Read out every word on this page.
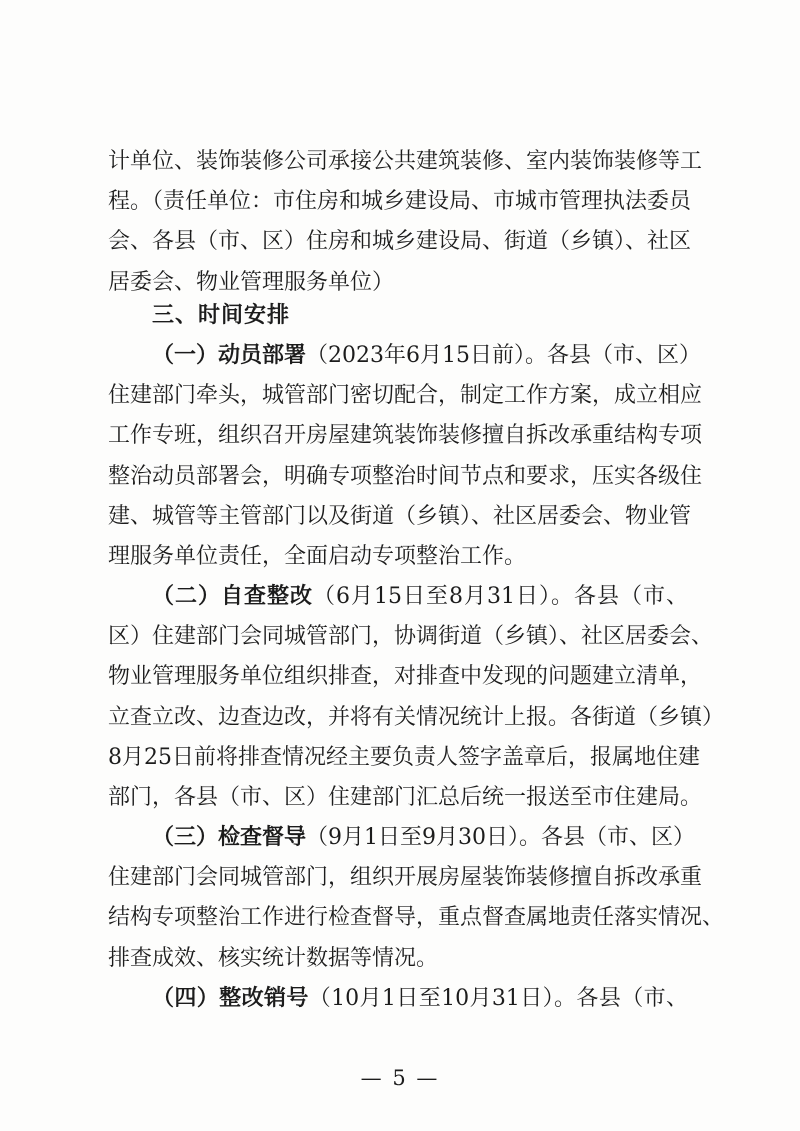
计单位、装饰装修公司承接公共建筑装修、室内装饰装修等工
程。（责任单位：市住房和城乡建设局、市城市管理执法委员
会、各县（市、区）住房和城乡建设局、街道（乡镇）、社区
居委会、物业管理服务单位）
三、时间安排
（一）动员部署（2023年6月15日前）。各县（市、区）
住建部门牵头，城管部门密切配合，制定工作方案，成立相应
工作专班，组织召开房屋建筑装饰装修擅自拆改承重结构专项
整治动员部署会，明确专项整治时间节点和要求，压实各级住
建、城管等主管部门以及街道（乡镇）、社区居委会、物业管
理服务单位责任，全面启动专项整治工作。
（二）自查整改（6月15日至8月31日）。各县（市、
区）住建部门会同城管部门，协调街道（乡镇）、社区居委会、
物业管理服务单位组织排查，对排查中发现的问题建立清单，
立查立改、边查边改，并将有关情况统计上报。各街道（乡镇）
8月25日前将排查情况经主要负责人签字盖章后，报属地住建
部门，各县（市、区）住建部门汇总后统一报送至市住建局。
（三）检查督导（9月1日至9月30日）。各县（市、区）
住建部门会同城管部门，组织开展房屋装饰装修擅自拆改承重
结构专项整治工作进行检查督导，重点督查属地责任落实情况、
排查成效、核实统计数据等情况。
（四）整改销号（10月1日至10月31日）。各县（市、
— 5 —
